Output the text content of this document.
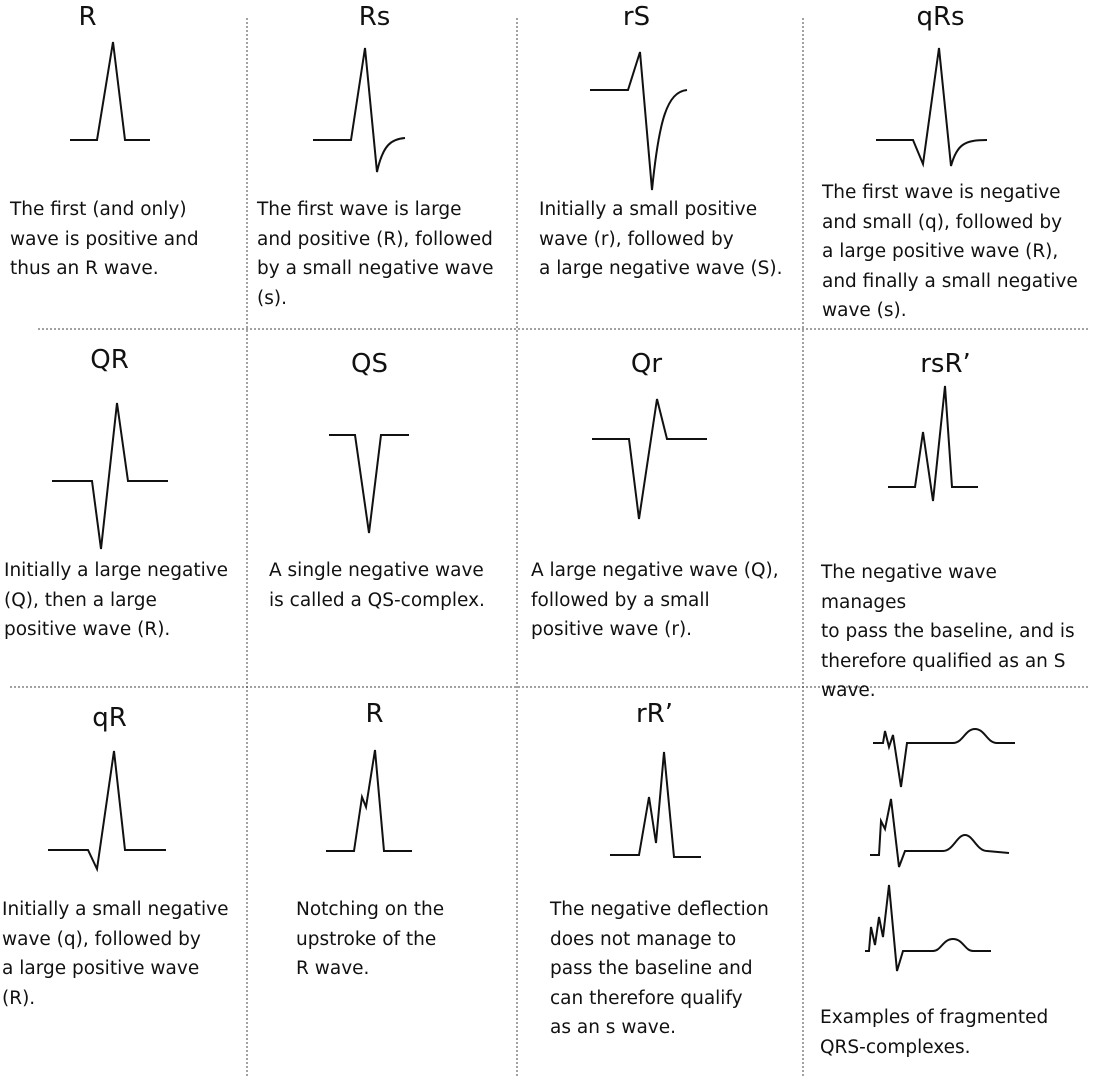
R
The first (and only)
wave is positive and
thus an R wave.
Rs
The first wave is large
and positive (R), followed
by a small negative wave
(s).
rS
Initially a small positive
wave (r), followed by
a large negative wave (S).
qRs
The first wave is negative
and small (q), followed by
a large positive wave (R),
and finally a small negative
wave (s).
QR
Initially a large negative
(Q), then a large
positive wave (R).
QS
A single negative wave
is called a QS-complex.
Qr
A large negative wave (Q),
followed by a small
positive wave (r).
rsR’
The negative wave manages
to pass the baseline, and is
therefore qualified as an S
wave.
qR
Initially a small negative
wave (q), followed by
a large positive wave
(R).
R
Notching on the
upstroke of the
R wave.
rR’
The negative deflection
does not manage to
pass the baseline and
can therefore qualify
as an s wave.	Examples of fragmented
QRS-complexes.
